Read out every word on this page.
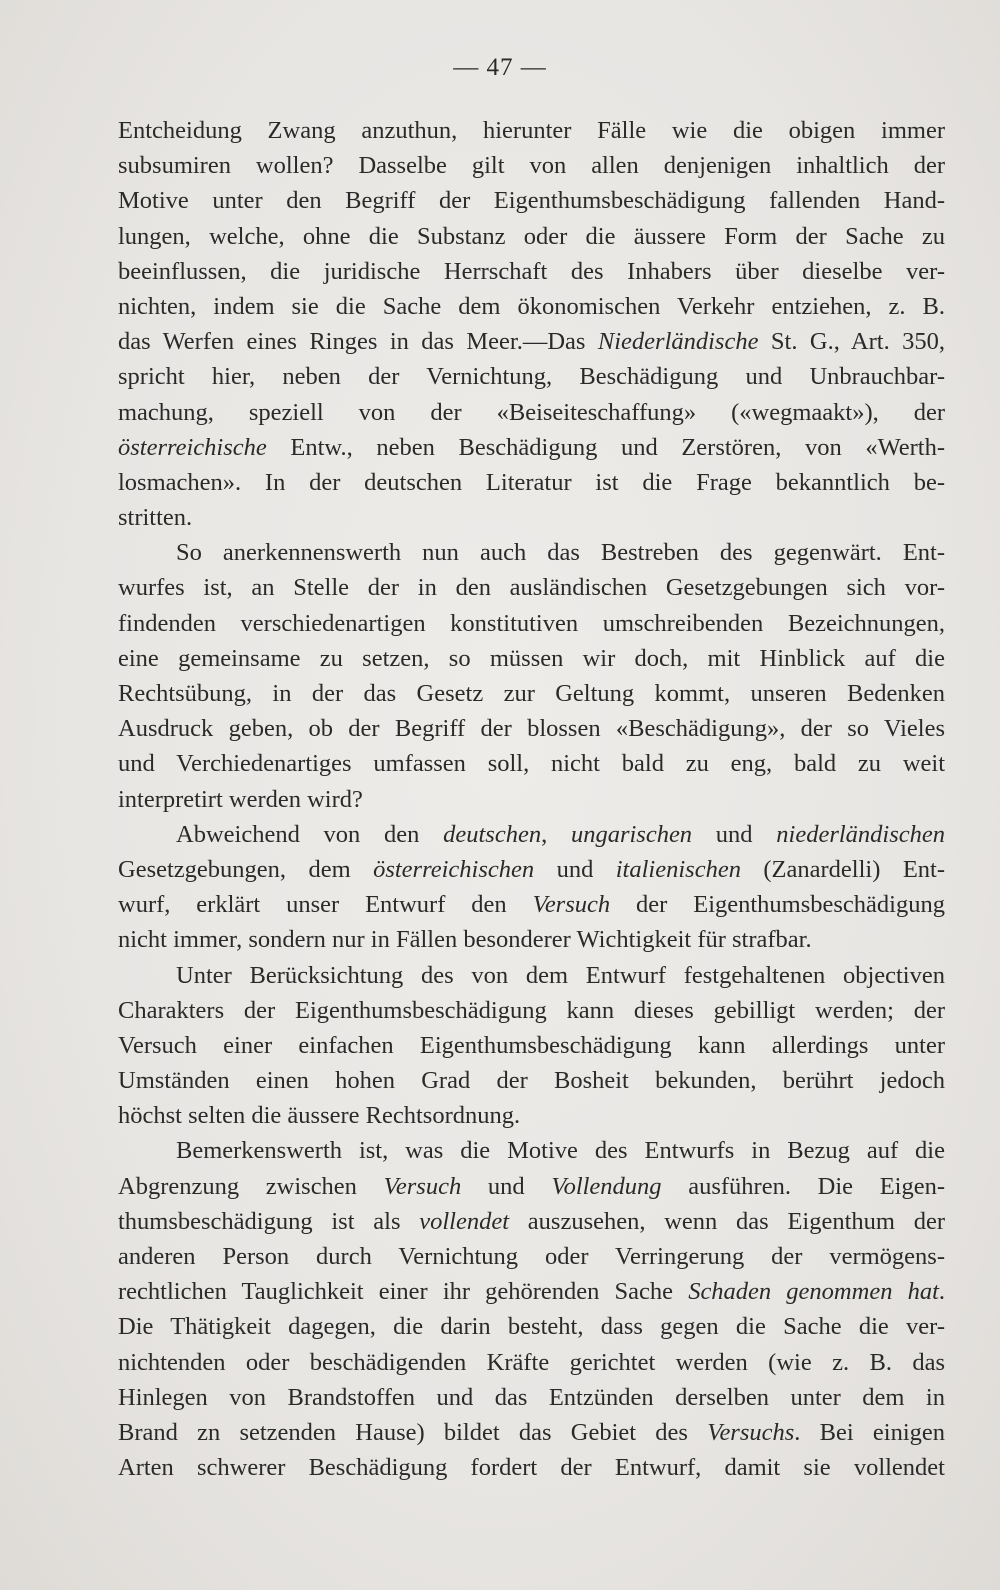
— 47 —
Entcheidung Zwang anzuthun, hierunter Fälle wie die obigen immer
subsumiren wollen? Dasselbe gilt von allen denjenigen inhaltlich der
Motive unter den Begriff der Eigenthumsbeschädigung fallenden Hand-
lungen, welche, ohne die Substanz oder die äussere Form der Sache zu
beeinflussen, die juridische Herrschaft des Inhabers über dieselbe ver-
nichten, indem sie die Sache dem ökonomischen Verkehr entziehen, z. B.
das Werfen eines Ringes in das Meer.—Das Niederländische St. G., Art. 350,
spricht hier, neben der Vernichtung, Beschädigung und Unbrauchbar-
machung, speziell von der «Beiseiteschaffung» («wegmaakt»), der
österreichische Entw., neben Beschädigung und Zerstören, von «Werth-
losmachen». In der deutschen Literatur ist die Frage bekanntlich be-
stritten.
So anerkennenswerth nun auch das Bestreben des gegenwärt. Ent-
wurfes ist, an Stelle der in den ausländischen Gesetzgebungen sich vor-
findenden verschiedenartigen konstitutiven umschreibenden Bezeichnungen,
eine gemeinsame zu setzen, so müssen wir doch, mit Hinblick auf die
Rechtsübung, in der das Gesetz zur Geltung kommt, unseren Bedenken
Ausdruck geben, ob der Begriff der blossen «Beschädigung», der so Vieles
und Verchiedenartiges umfassen soll, nicht bald zu eng, bald zu weit
interpretirt werden wird?
Abweichend von den deutschen, ungarischen und niederländischen
Gesetzgebungen, dem österreichischen und italienischen (Zanardelli) Ent-
wurf, erklärt unser Entwurf den Versuch der Eigenthumsbeschädigung
nicht immer, sondern nur in Fällen besonderer Wichtigkeit für strafbar.
Unter Berücksichtung des von dem Entwurf festgehaltenen objectiven
Charakters der Eigenthumsbeschädigung kann dieses gebilligt werden; der
Versuch einer einfachen Eigenthumsbeschädigung kann allerdings unter
Umständen einen hohen Grad der Bosheit bekunden, berührt jedoch
höchst selten die äussere Rechtsordnung.
Bemerkenswerth ist, was die Motive des Entwurfs in Bezug auf die
Abgrenzung zwischen Versuch und Vollendung ausführen. Die Eigen-
thumsbeschädigung ist als vollendet auszusehen, wenn das Eigenthum der
anderen Person durch Vernichtung oder Verringerung der vermögens-
rechtlichen Tauglichkeit einer ihr gehörenden Sache Schaden genommen hat.
Die Thätigkeit dagegen, die darin besteht, dass gegen die Sache die ver-
nichtenden oder beschädigenden Kräfte gerichtet werden (wie z. B. das
Hinlegen von Brandstoffen und das Entzünden derselben unter dem in
Brand zn setzenden Hause) bildet das Gebiet des Versuchs. Bei einigen
Arten schwerer Beschädigung fordert der Entwurf, damit sie vollendet
